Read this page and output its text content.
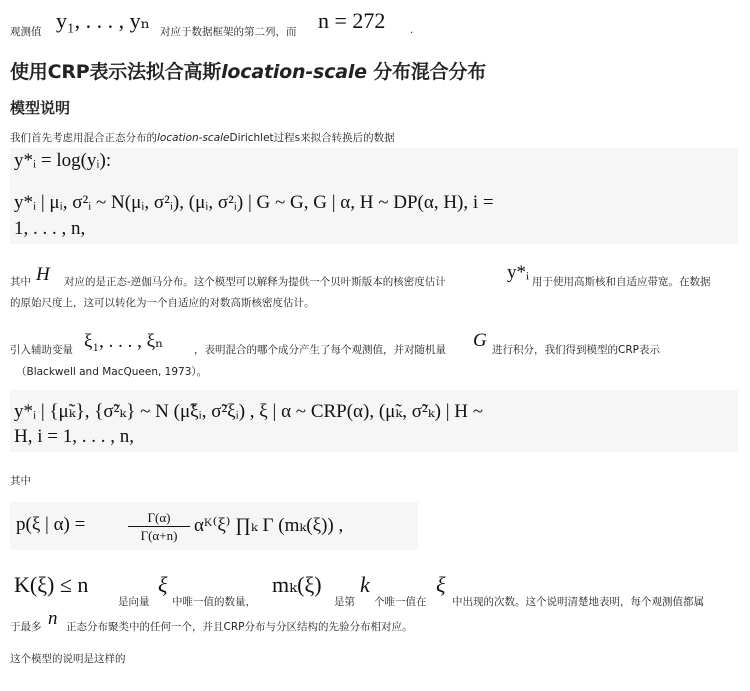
观测值 y₁, . . . , yₙ 对应于数据框架的第二列，而 n = 272 .
使用CRP表示法拟合高斯location-scale 分布混合分布
模型说明
我们首先考虑用混合正态分布的location-scaleDirichlet过程s来拟合转换后的数据
y*ᵢ = log(yᵢ):
y*ᵢ | μᵢ, σ²ᵢ ~ N(μᵢ, σ²ᵢ), (μᵢ, σ²ᵢ) | G ~ G, G | α, H ~ DP(α, H), i =
1, . . . , n,
其中 H 对应的是正态-逆伽马分布。这个模型可以解释为提供一个贝叶斯版本的核密度估计	y*ᵢ 用于使用高斯核和自适应带宽。在数据
的原始尺度上，这可以转化为一个自适应的对数高斯核密度估计。
引入辅助变量 ξ₁, . . . , ξₙ	，表明混合的哪个成分产生了每个观测值，并对随机量 G 进行积分，我们得到模型的CRP表示
（Blackwell and MacQueen, 1973）。
y*ᵢ | {μ̃ₖ}, {σ̃²ₖ} ~ N (μ̃ξᵢ, σ̃²ξᵢ) , ξ | α ~ CRP(α), (μ̃ₖ, σ̃²ₖ) | H ~
H, i = 1, . . . , n,
其中
p(ξ | α) =	Γ(α)
Γ(α+n) αᴷ⁽ξ⁾ ∏ₖ Γ (mₖ(ξ)) ,
K(ξ) ≤ n
是向量
ξ
中唯一值的数量，
mₖ(ξ)
是第
k
个唯一值在
ξ
中出现的次数。这个说明清楚地表明，每个观测值都属
于最多 n 正态分布聚类中的任何一个，并且CRP分布与分区结构的先验分布相对应。
这个模型的说明是这样的
